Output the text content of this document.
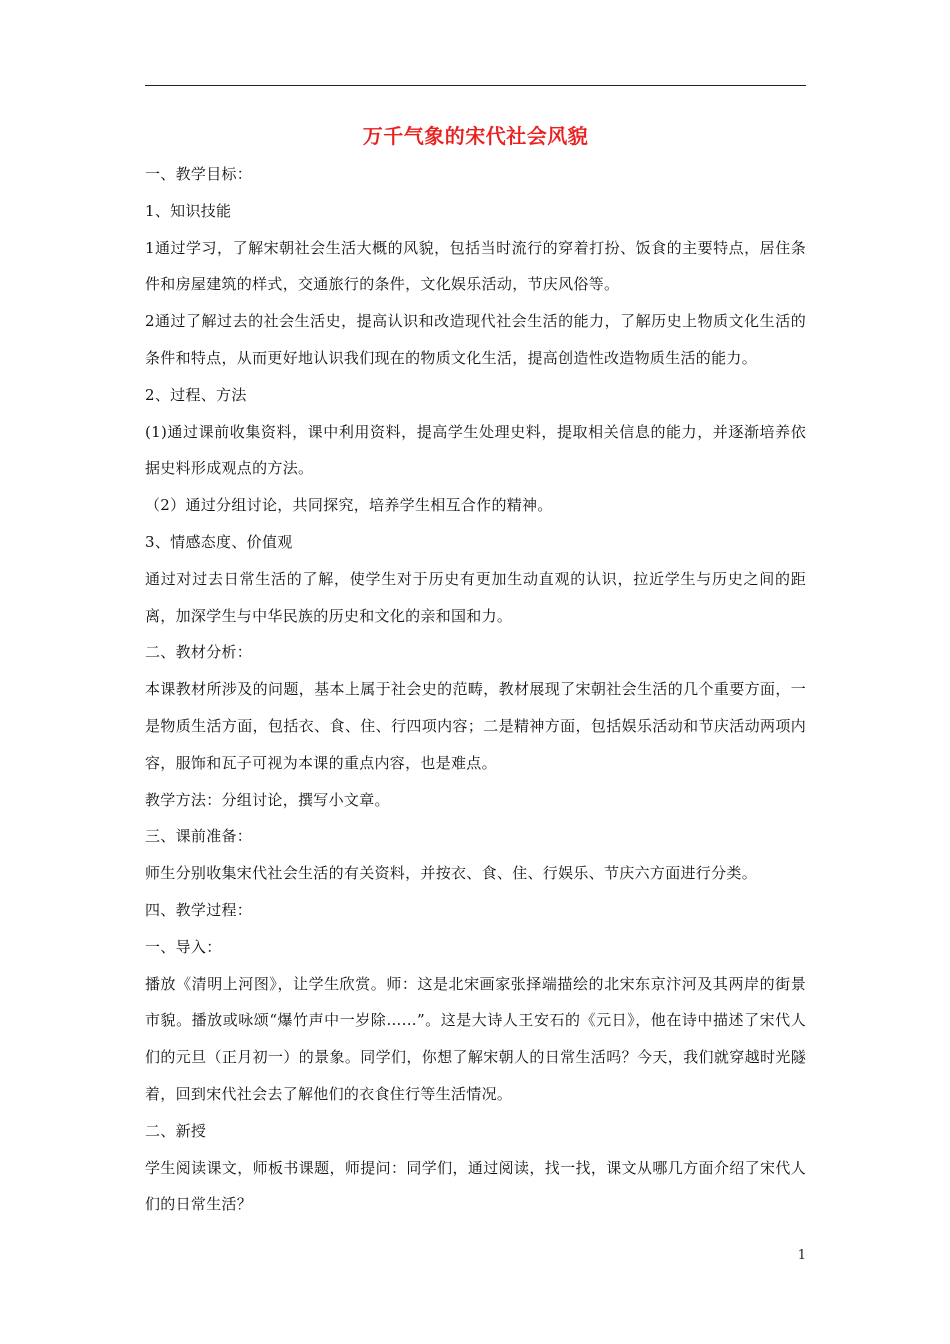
万千气象的宋代社会风貌

一、教学目标：

1、知识技能

1通过学习，了解宋朝社会生活大概的风貌，包括当时流行的穿着打扮、饭食的主要特点，居住条件和房屋建筑的样式，交通旅行的条件，文化娱乐活动，节庆风俗等。

2通过了解过去的社会生活史，提高认识和改造现代社会生活的能力，了解历史上物质文化生活的条件和特点，从而更好地认识我们现在的物质文化生活，提高创造性改造物质生活的能力。

2、过程、方法

(1)通过课前收集资料，课中利用资料，提高学生处理史料，提取相关信息的能力，并逐渐培养依据史料形成观点的方法。

（2）通过分组讨论，共同探究，培养学生相互合作的精神。

3、情感态度、价值观

通过对过去日常生活的了解，使学生对于历史有更加生动直观的认识，拉近学生与历史之间的距离，加深学生与中华民族的历史和文化的亲和国和力。

二、教材分析：

本课教材所涉及的问题，基本上属于社会史的范畴，教材展现了宋朝社会生活的几个重要方面，一是物质生活方面，包括衣、食、住、行四项内容；二是精神方面，包括娱乐活动和节庆活动两项内容，服饰和瓦子可视为本课的重点内容，也是难点。

教学方法：分组讨论，撰写小文章。

三、课前准备：

师生分别收集宋代社会生活的有关资料，并按衣、食、住、行娱乐、节庆六方面进行分类。

四、教学过程：

一、导入：

播放《清明上河图》，让学生欣赏。师：这是北宋画家张择端描绘的北宋东京汴河及其两岸的街景市貌。播放或咏颂“爆竹声中一岁除……”。这是大诗人王安石的《元日》，他在诗中描述了宋代人们的元旦（正月初一）的景象。同学们，你想了解宋朝人的日常生活吗？今天，我们就穿越时光隧着，回到宋代社会去了解他们的衣食住行等生活情况。

二、新授

学生阅读课文，师板书课题，师提问：同学们，通过阅读，找一找，课文从哪几方面介绍了宋代人们的日常生活？

1
